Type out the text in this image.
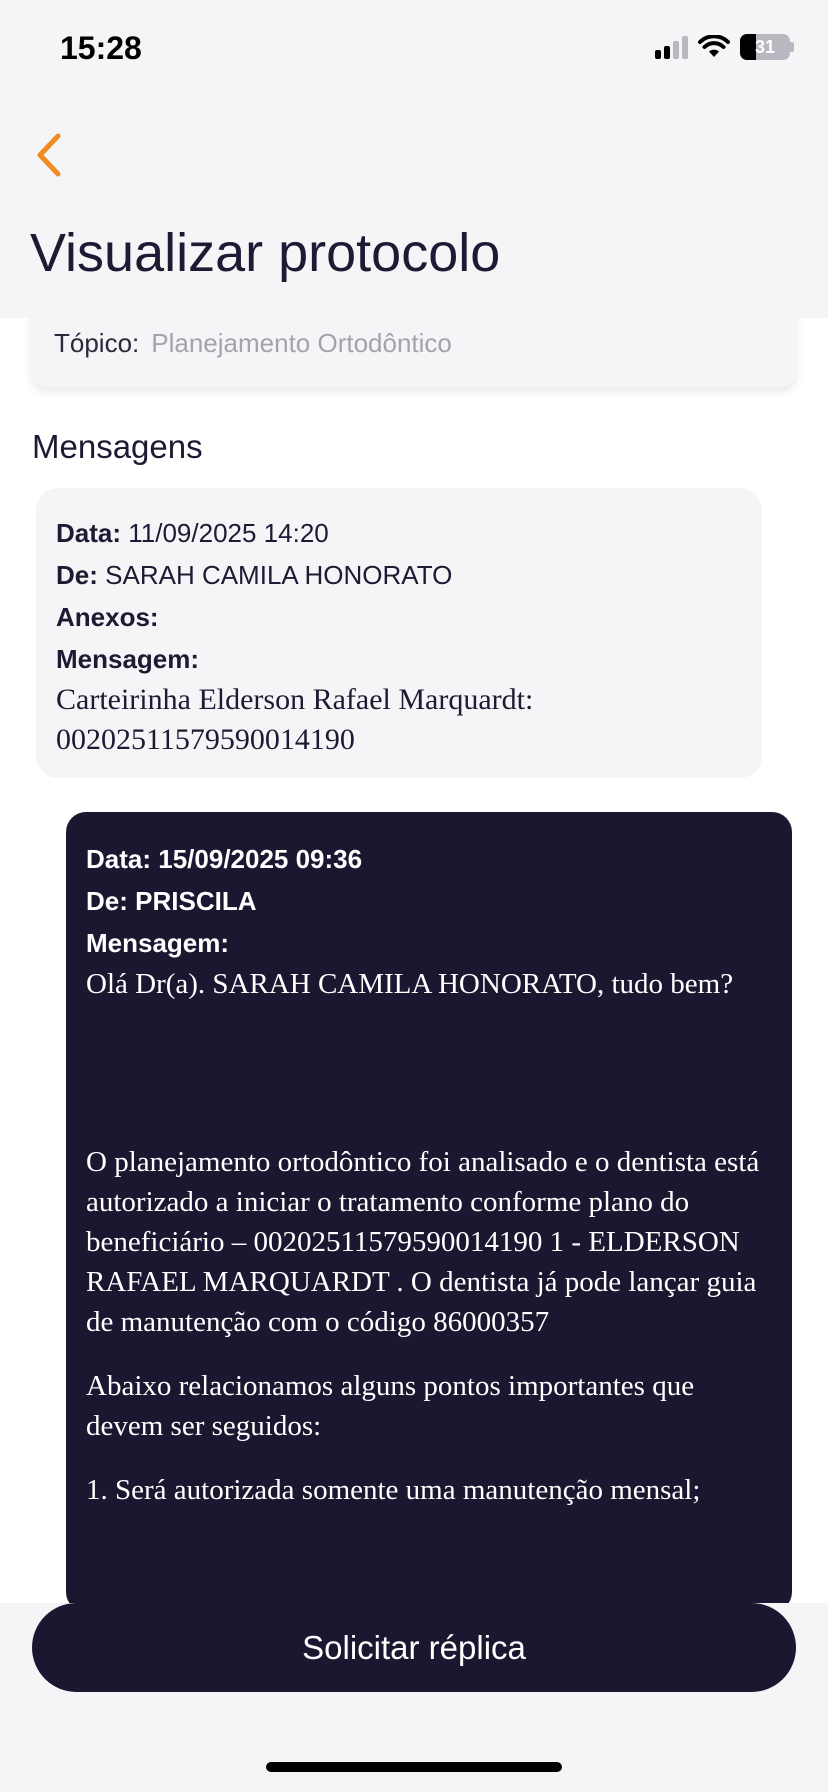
Tópico: Planejamento Ortodôntico
Mensagens
Data: 11/09/2025 14:20
De: SARAH CAMILA HONORATO
Anexos:
Mensagem:
Carteirinha Elderson Rafael Marquardt: 00202511579590014190
Data: 15/09/2025 09:36
De: PRISCILA
Mensagem:
Olá Dr(a). SARAH CAMILA HONORATO, tudo bem?
O planejamento ortodôntico foi analisado e o dentista está autorizado a iniciar o tratamento conforme plano do beneficiário – 00202511579590014190 1 - ELDERSON RAFAEL MARQUARDT . O dentista já pode lançar guia de manutenção com o código 86000357
Abaixo relacionamos alguns pontos importantes que devem ser seguidos:
1. Será autorizada somente uma manutenção mensal;
15:28	31
Visualizar protocolo
Solicitar réplica
